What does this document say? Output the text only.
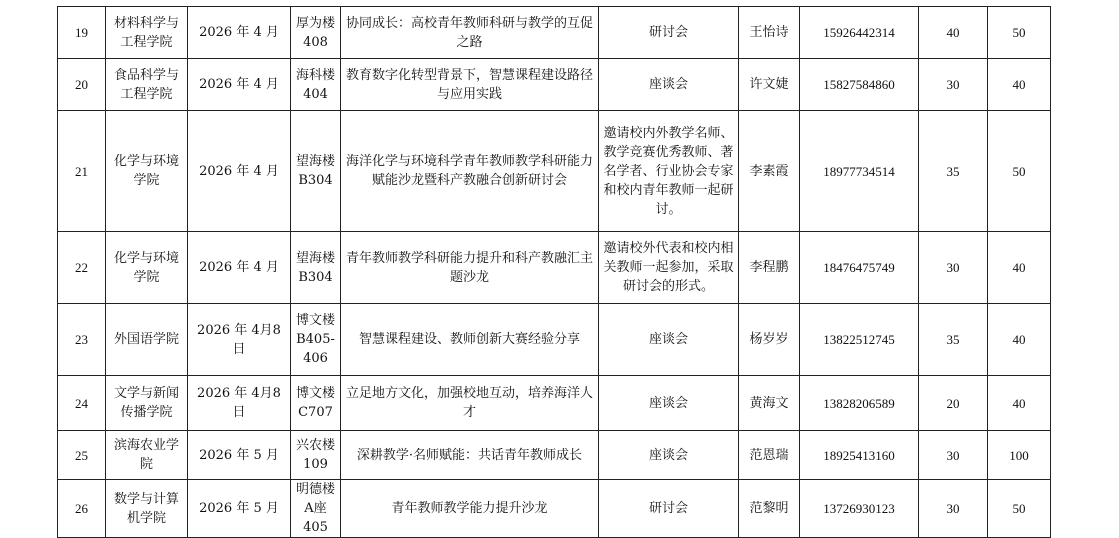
19	材料科学与工程学院	2026 年 4 月	厚为楼 408	协同成长：高校青年教师科研与教学的互促之路	研讨会	王怡诗	15926442314	40	50
20	食品科学与工程学院	2026 年 4 月	海科楼 404	教育数字化转型背景下，智慧课程建设路径与应用实践	座谈会	许文婕	15827584860	30	40
21	化学与环境学院	2026 年 4 月	望海楼 B304	海洋化学与环境科学青年教师教学科研能力赋能沙龙暨科产教融合创新研讨会	邀请校内外教学名师、教学竞赛优秀教师、著名学者、行业协会专家和校内青年教师一起研讨。	李素霞	18977734514	35	50
22	化学与环境学院	2026 年 4 月	望海楼 B304	青年教师教学科研能力提升和科产教融汇主题沙龙	邀请校外代表和校内相关教师一起参加，采取研讨会的形式。	李程鹏	18476475749	30	40
23	外国语学院	2026 年 4月8日	博文楼 B405-406	智慧课程建设、教师创新大赛经验分享	座谈会	杨岁岁	13822512745	35	40
24	文学与新闻传播学院	2026 年 4月8日	博文楼 C707	立足地方文化，加强校地互动，培养海洋人才	座谈会	黄海文	13828206589	20	40
25	滨海农业学院	2026 年 5 月	兴农楼 109	深耕教学·名师赋能：共话青年教师成长	座谈会	范恩瑞	18925413160	30	100
26	数学与计算机学院	2026 年 5 月	明德楼 A座 405	青年教师教学能力提升沙龙	研讨会	范黎明	13726930123	30	50
